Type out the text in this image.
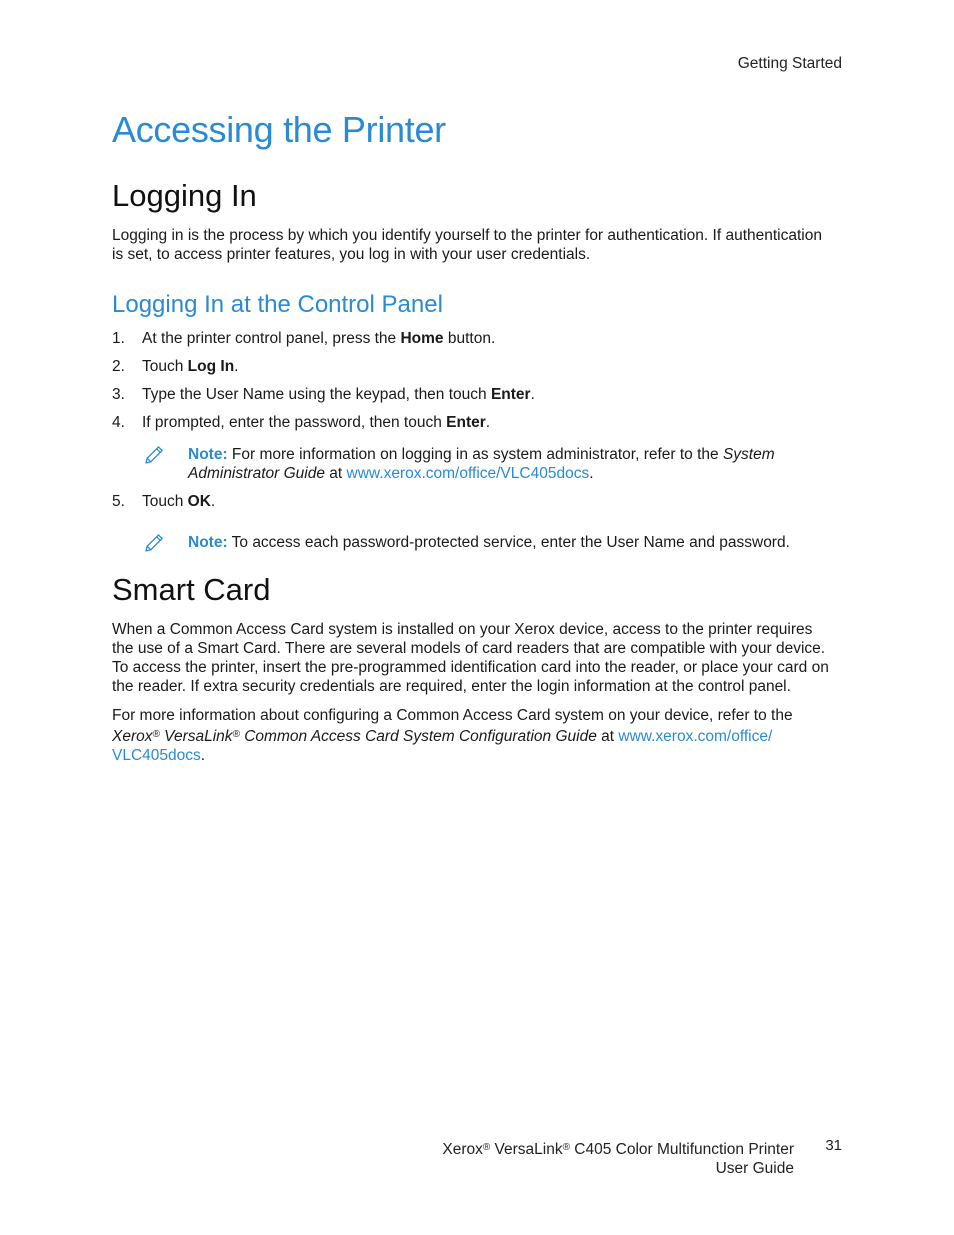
Getting Started
Accessing the Printer
Logging In

Logging in is the process by which you identify yourself to the printer for authentication. If authentication is set, to access printer features, you log in with your user credentials.

Logging In at the Control Panel
1. At the printer control panel, press the Home button.
2. Touch Log In.
3. Type the User Name using the keypad, then touch Enter.
4. If prompted, enter the password, then touch Enter.
Note: For more information on logging in as system administrator, refer to the System Administrator Guide at www.xerox.com/office/VLC405docs.
5. Touch OK.
Note: To access each password-protected service, enter the User Name and password.
Smart Card

When a Common Access Card system is installed on your Xerox device, access to the printer requires the use of a Smart Card. There are several models of card readers that are compatible with your device. To access the printer, insert the pre-programmed identification card into the reader, or place your card on the reader. If extra security credentials are required, enter the login information at the control panel.

For more information about configuring a Common Access Card system on your device, refer to the Xerox® VersaLink® Common Access Card System Configuration Guide at www.xerox.com/office/
VLC405docs.

Xerox® VersaLink® C405 Color Multifunction Printer
User Guide
31
